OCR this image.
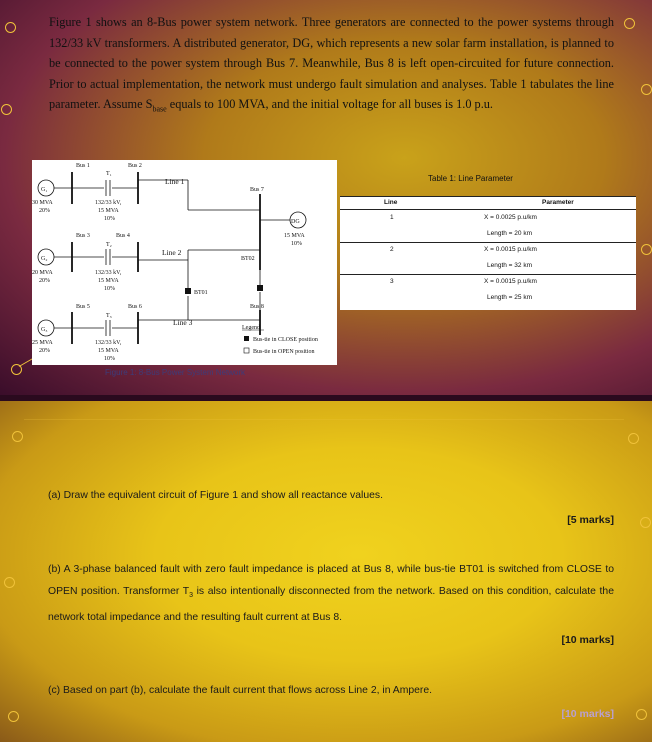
Figure 1 shows an 8-Bus power system network. Three generators are connected to the power systems through 132/33 kV transformers. A distributed generator, DG, which represents a new solar farm installation, is planned to be connected to the power system through Bus 7. Meanwhile, Bus 8 is left open-circuited for future connection. Prior to actual implementation, the network must undergo fault simulation and analyses. Table 1 tabulates the line parameter. Assume $S_{base}$ equals to 100 MVA, and the initial voltage for all buses is 1.0 p.u.
Bus 1	Bus 2
Bus 4
Bus 3
Bus 5	Bus 6
Bus 7
Bus 8
G₁
G₂
G₃
DG
T₁
T₂
T₃
30 MVA
20%
20 MVA
20%
25 MVA
20%
15 MVA
10%
132/33 kV,
15 MVA
10%
132/33 kV,
15 MVA
10%
132/33 kV,
15 MVA
10%
Line 1
Line 2
Line 3
BT01
BT02
Legend
Bus-tie in CLOSE position
Bus-tie in OPEN position
Figure 1: 8-Bus Power System Network
Table 1: Line Parameter
Line	Parameter
1	X = 0.0025 p.u/km
Length = 20 km
2	X = 0.0015 p.u/km
Length = 32 km
3	X = 0.0015 p.u/km
Length = 25 km
(a) Draw the equivalent circuit of Figure 1 and show all reactance values.
[5 marks]
(b) A 3-phase balanced fault with zero fault impedance is placed at Bus 8, while bus-tie BT01 is switched from CLOSE to OPEN position. Transformer $T_3$ is also intentionally disconnected from the network. Based on this condition, calculate the network total impedance and the resulting fault current at Bus 8.
[10 marks]
(c) Based on part (b), calculate the fault current that flows across Line 2, in Ampere.
[10 marks]
